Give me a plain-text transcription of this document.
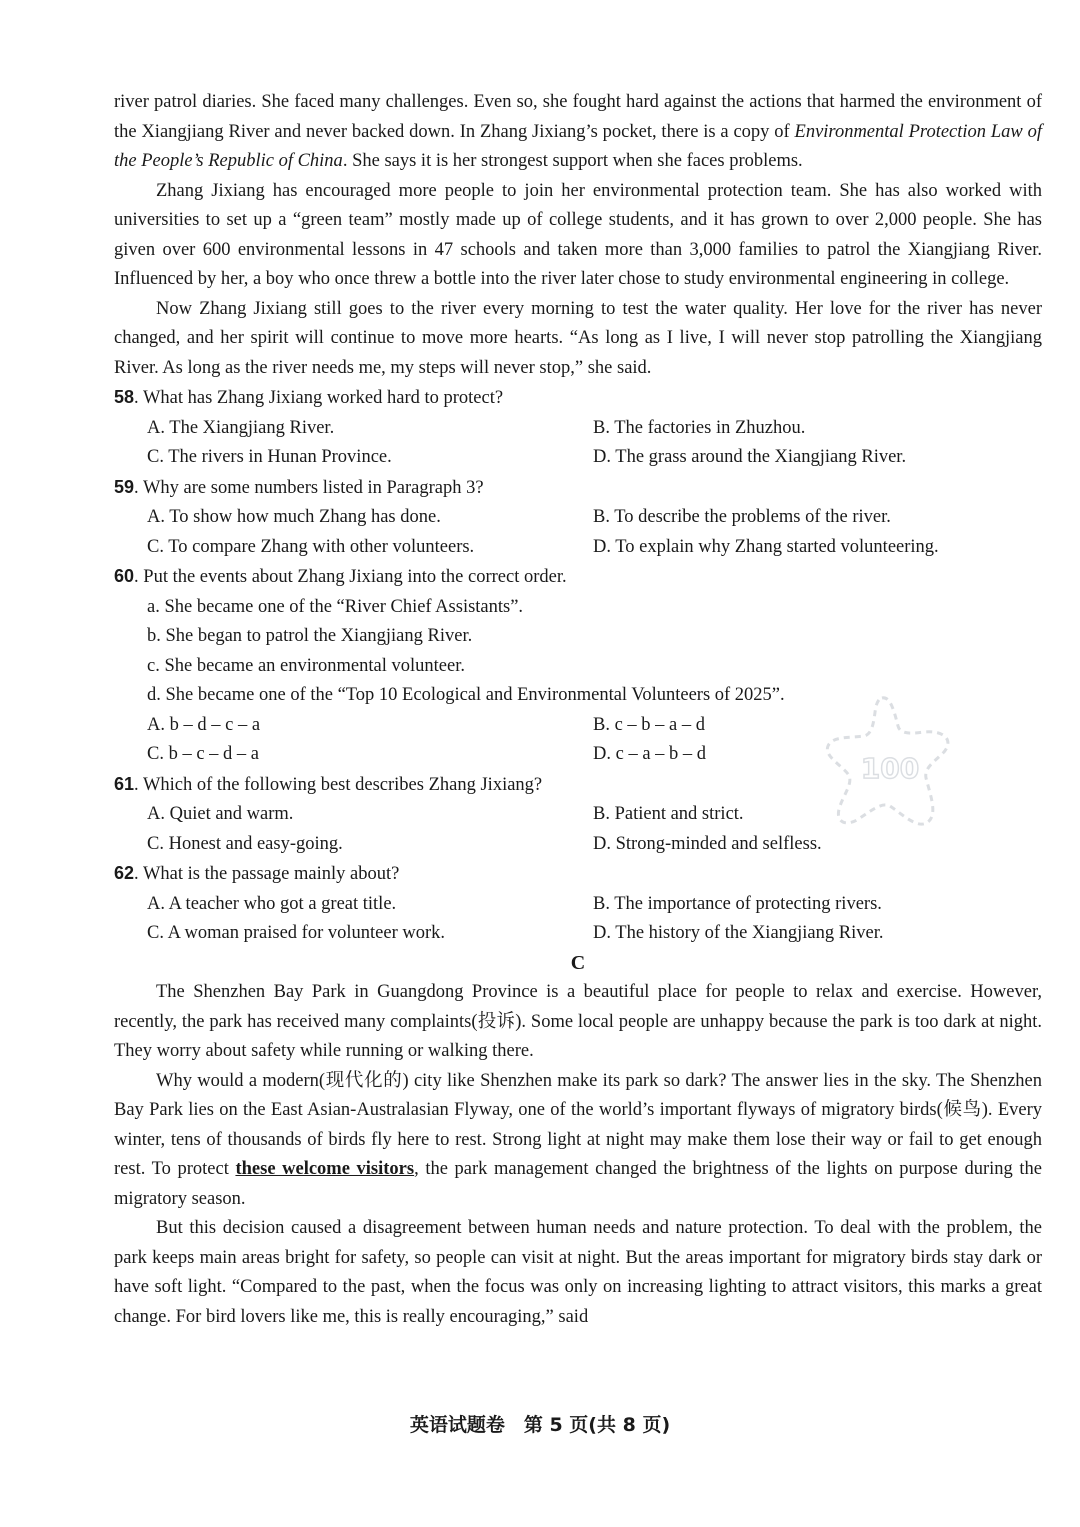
river patrol diaries. She faced many challenges. Even so, she fought hard against the actions that harmed the environment of the Xiangjiang River and never backed down. In Zhang Jixiang’s pocket, there is a copy of Environmental Protection Law of the People’s Republic of China. She says it is her strongest support when she faces problems.

Zhang Jixiang has encouraged more people to join her environmental protection team. She has also worked with universities to set up a “green team” mostly made up of college students, and it has grown to over 2,000 people. She has given over 600 environmental lessons in 47 schools and taken more than 3,000 families to patrol the Xiangjiang River. Influenced by her, a boy who once threw a bottle into the river later chose to study environmental engineering in college.

Now Zhang Jixiang still goes to the river every morning to test the water quality. Her love for the river has never changed, and her spirit will continue to move more hearts. “As long as I live, I will never stop patrolling the Xiangjiang River. As long as the river needs me, my steps will never stop,” she said.

58. What has Zhang Jixiang worked hard to protect?

A. The Xiangjiang River.	B. The factories in Zhuzhou.
C. The rivers in Hunan Province.	D. The grass around the Xiangjiang River.

59. Why are some numbers listed in Paragraph 3?

A. To show how much Zhang has done.	B. To describe the problems of the river.
C. To compare Zhang with other volunteers.	D. To explain why Zhang started volunteering.

60. Put the events about Zhang Jixiang into the correct order.

a. She became one of the “River Chief Assistants”.
b. She began to patrol the Xiangjiang River.
c. She became an environmental volunteer.
d. She became one of the “Top 10 Ecological and Environmental Volunteers of 2025”.
A. b – d – c – a	B. c – b – a – d
C. b – c – d – a	D. c – a – b – d

61. Which of the following best describes Zhang Jixiang?

A. Quiet and warm.	B. Patient and strict.
C. Honest and easy-going.	D. Strong-minded and selfless.

62. What is the passage mainly about?

A. A teacher who got a great title.	B. The importance of protecting rivers.
C. A woman praised for volunteer work.	D. The history of the Xiangjiang River.

C

The Shenzhen Bay Park in Guangdong Province is a beautiful place for people to relax and exercise. However, recently, the park has received many complaints(投诉). Some local people are unhappy because the park is too dark at night. They worry about safety while running or walking there.

Why would a modern(现代化的) city like Shenzhen make its park so dark? The answer lies in the sky. The Shenzhen Bay Park lies on the East Asian-Australasian Flyway, one of the world’s important flyways of migratory birds(候鸟). Every winter, tens of thousands of birds fly here to rest. Strong light at night may make them lose their way or fail to get enough rest. To protect these welcome visitors, the park management changed the brightness of the lights on purpose during the migratory season.

But this decision caused a disagreement between human needs and nature protection. To deal with the problem, the park keeps main areas bright for safety, so people can visit at night. But the areas important for migratory birds stay dark or have soft light. “Compared to the past, when the focus was only on increasing lighting to attract visitors, this marks a great change. For bird lovers like me, this is really encouraging,” said

100
英语试题卷　第 5 页(共 8 页)
